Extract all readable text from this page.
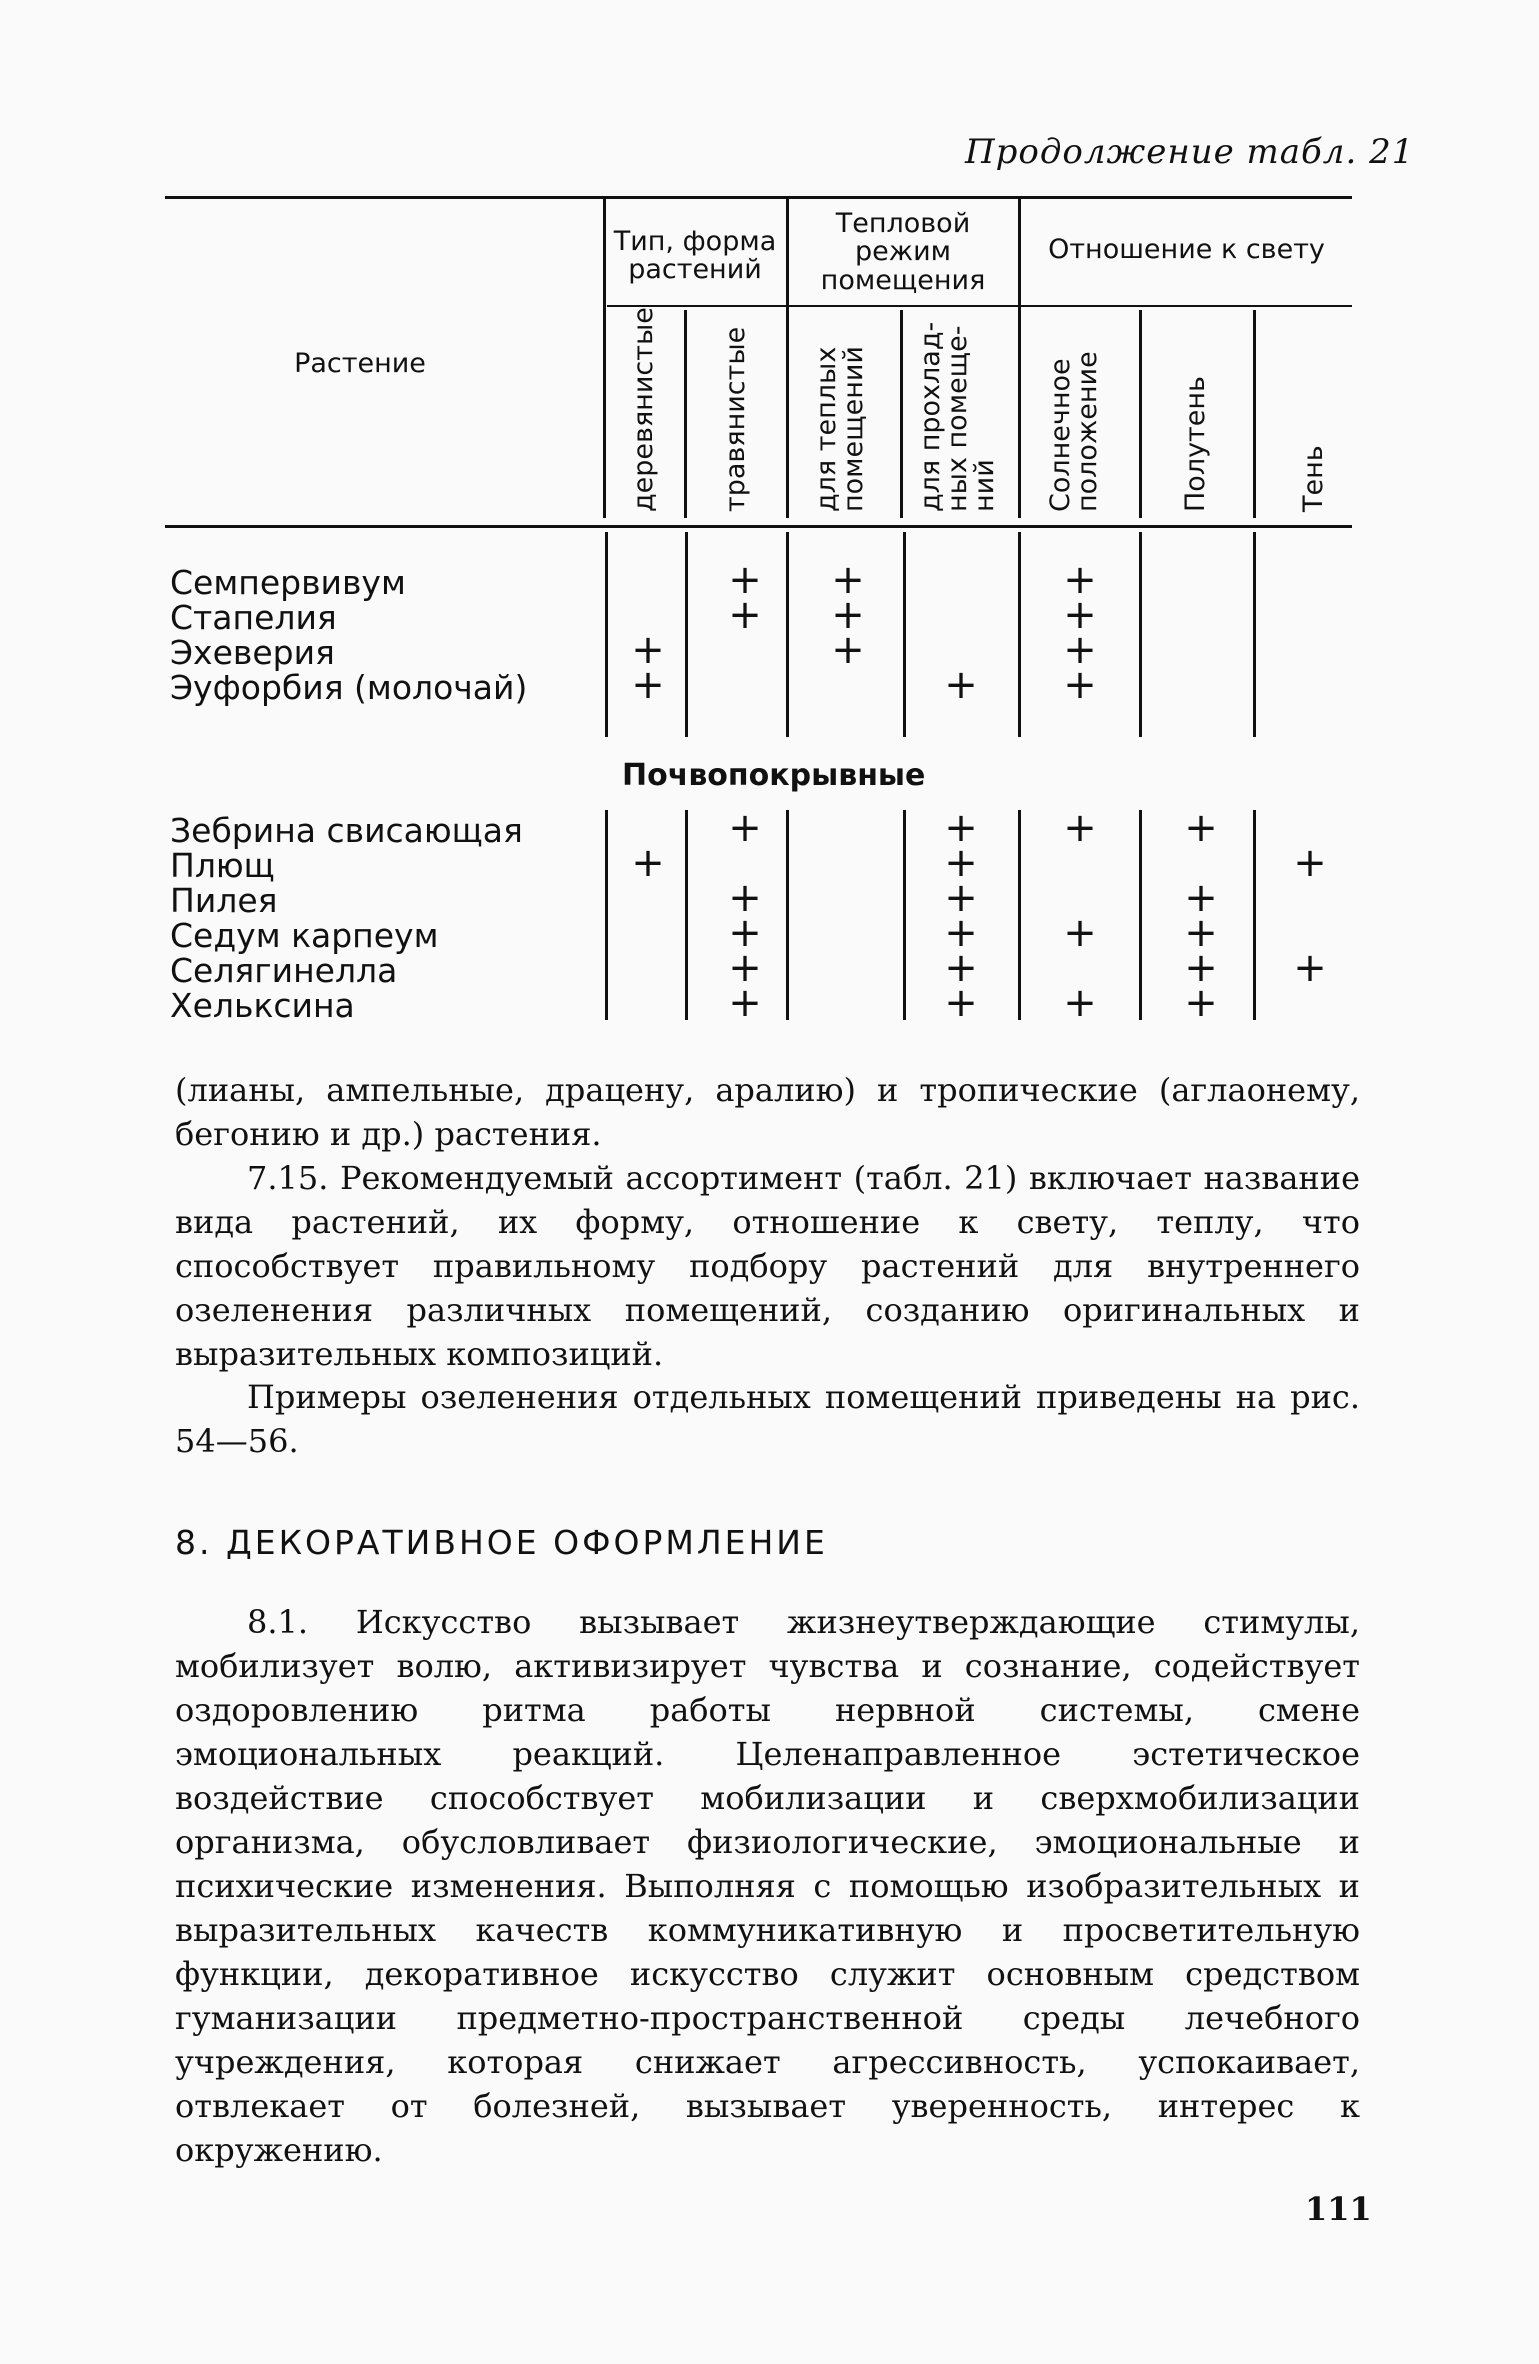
Продолжение табл. 21
Растение
Тип, форма растений
Тепловой режим помещения
Отношение к свету
деревянистые травянистые для теплых
помещений для прохлад-
ных помеще-
ний Солнечное
положение	Полутень	Тень
Семпервивум
Стапелия
Эхеверия
Эуфорбия (молочай)
+
+
+
+
+
+
+
+
+
+
+
+
Почвопокрывные
Зебрина свисающая
Плющ
Пилея
Седум карпеум
Селягинелла
Хелькcина
+
+
+
+
+
+
+
+
+
+
+
+
+
+
+
+
+
+
+
+
+
+
(лианы, ампельные, драцену, аралию) и тропические (аглаонему, бегонию и др.) растения.
7.15. Рекомендуемый ассортимент (табл. 21) включает название вида растений, их форму, отношение к свету, теплу, что способствует правильному подбору растений для внутреннего озеленения различных помещений, созданию оригинальных и выразительных композиций.
Примеры озеленения отдельных помещений приведены на рис. 54—56.
8. ДЕКОРАТИВНОЕ ОФОРМЛЕНИЕ
8.1. Искусство вызывает жизнеутверждающие стимулы, мобилизует волю, активизирует чувства и сознание, содействует оздоровлению ритма работы нервной системы, смене эмоциональных реакций. Целенаправленное эстетическое воздействие способствует мобилизации и сверхмобилизации организма, обусловливает физиологические, эмоциональные и психические изменения. Выполняя с помощью изобразительных и выразительных качеств коммуникативную и просветительную функции, декоративное искусство служит основным средством гуманизации предметно-пространственной среды лечебного учреждения, которая снижает агрессивность, успокаивает, отвлекает от болезней, вызывает уверенность, интерес к окружению.
111
